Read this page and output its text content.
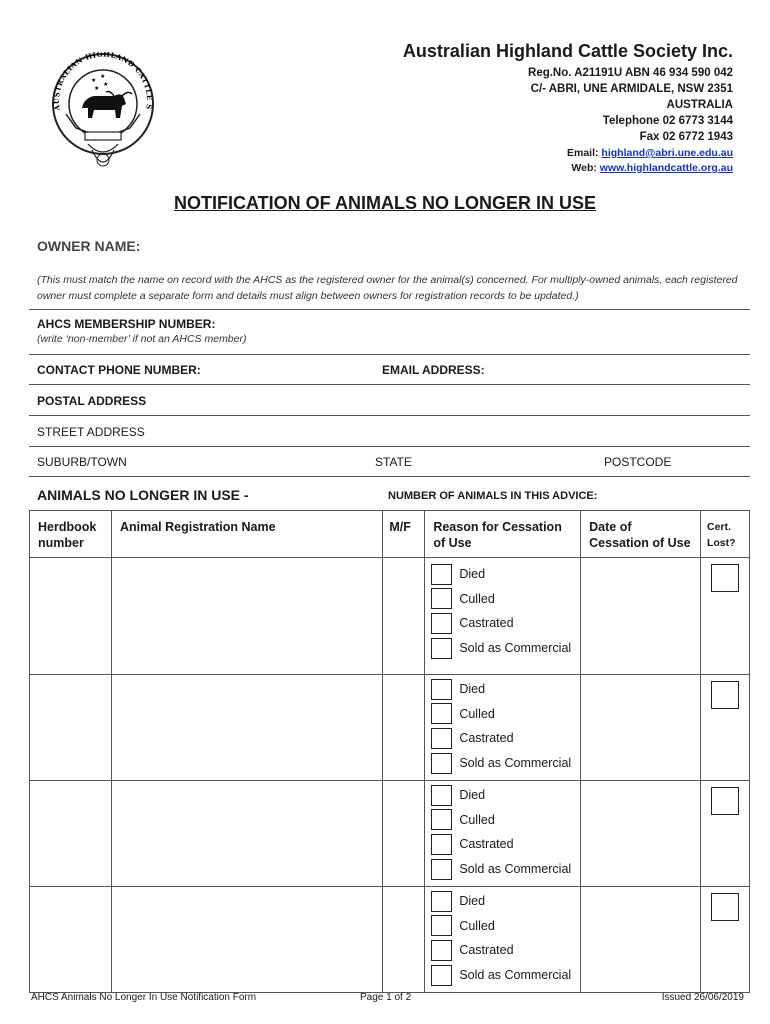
★
★
★
★
AUSTRALIAN HIGHLAND CATTLE S
Australian Highland Cattle Society Inc.
Reg.No. A21191U ABN 46 934 590 042
C/- ABRI, UNE ARMIDALE, NSW 2351
AUSTRALIA
Telephone 02 6773 3144
Fax 02 6772 1943
Email: highland@abri.une.edu.au
Web: www.highlandcattle.org.au
NOTIFICATION OF ANIMALS NO LONGER IN USE
OWNER NAME:
(This must match the name on record with the AHCS as the registered owner for the animal(s) concerned. For multiply-owned animals, each registered owner must complete a separate form and details must align between owners for registration records to be updated.)
AHCS MEMBERSHIP NUMBER:
(write ‘non-member’ if not an AHCS member)
CONTACT PHONE NUMBER:	EMAIL ADDRESS:
POSTAL ADDRESS
STREET ADDRESS
SUBURB/TOWN	STATE	POSTCODE
ANIMALS NO LONGER IN USE -	NUMBER OF ANIMALS IN THIS ADVICE:
Herdbook number	Animal Registration Name	M/F	Reason for Cessation of Use	Date of Cessation of Use	Cert. Lost?

			Died
Culled
Castrated
Sold as Commercial		

			Died
Culled
Castrated
Sold as Commercial		

			Died
Culled
Castrated
Sold as Commercial		

			Died
Culled
Castrated
Sold as Commercial		

AHCS Animals No Longer In Use Notification Form	Page 1 of 2	Issued 26/06/2019
